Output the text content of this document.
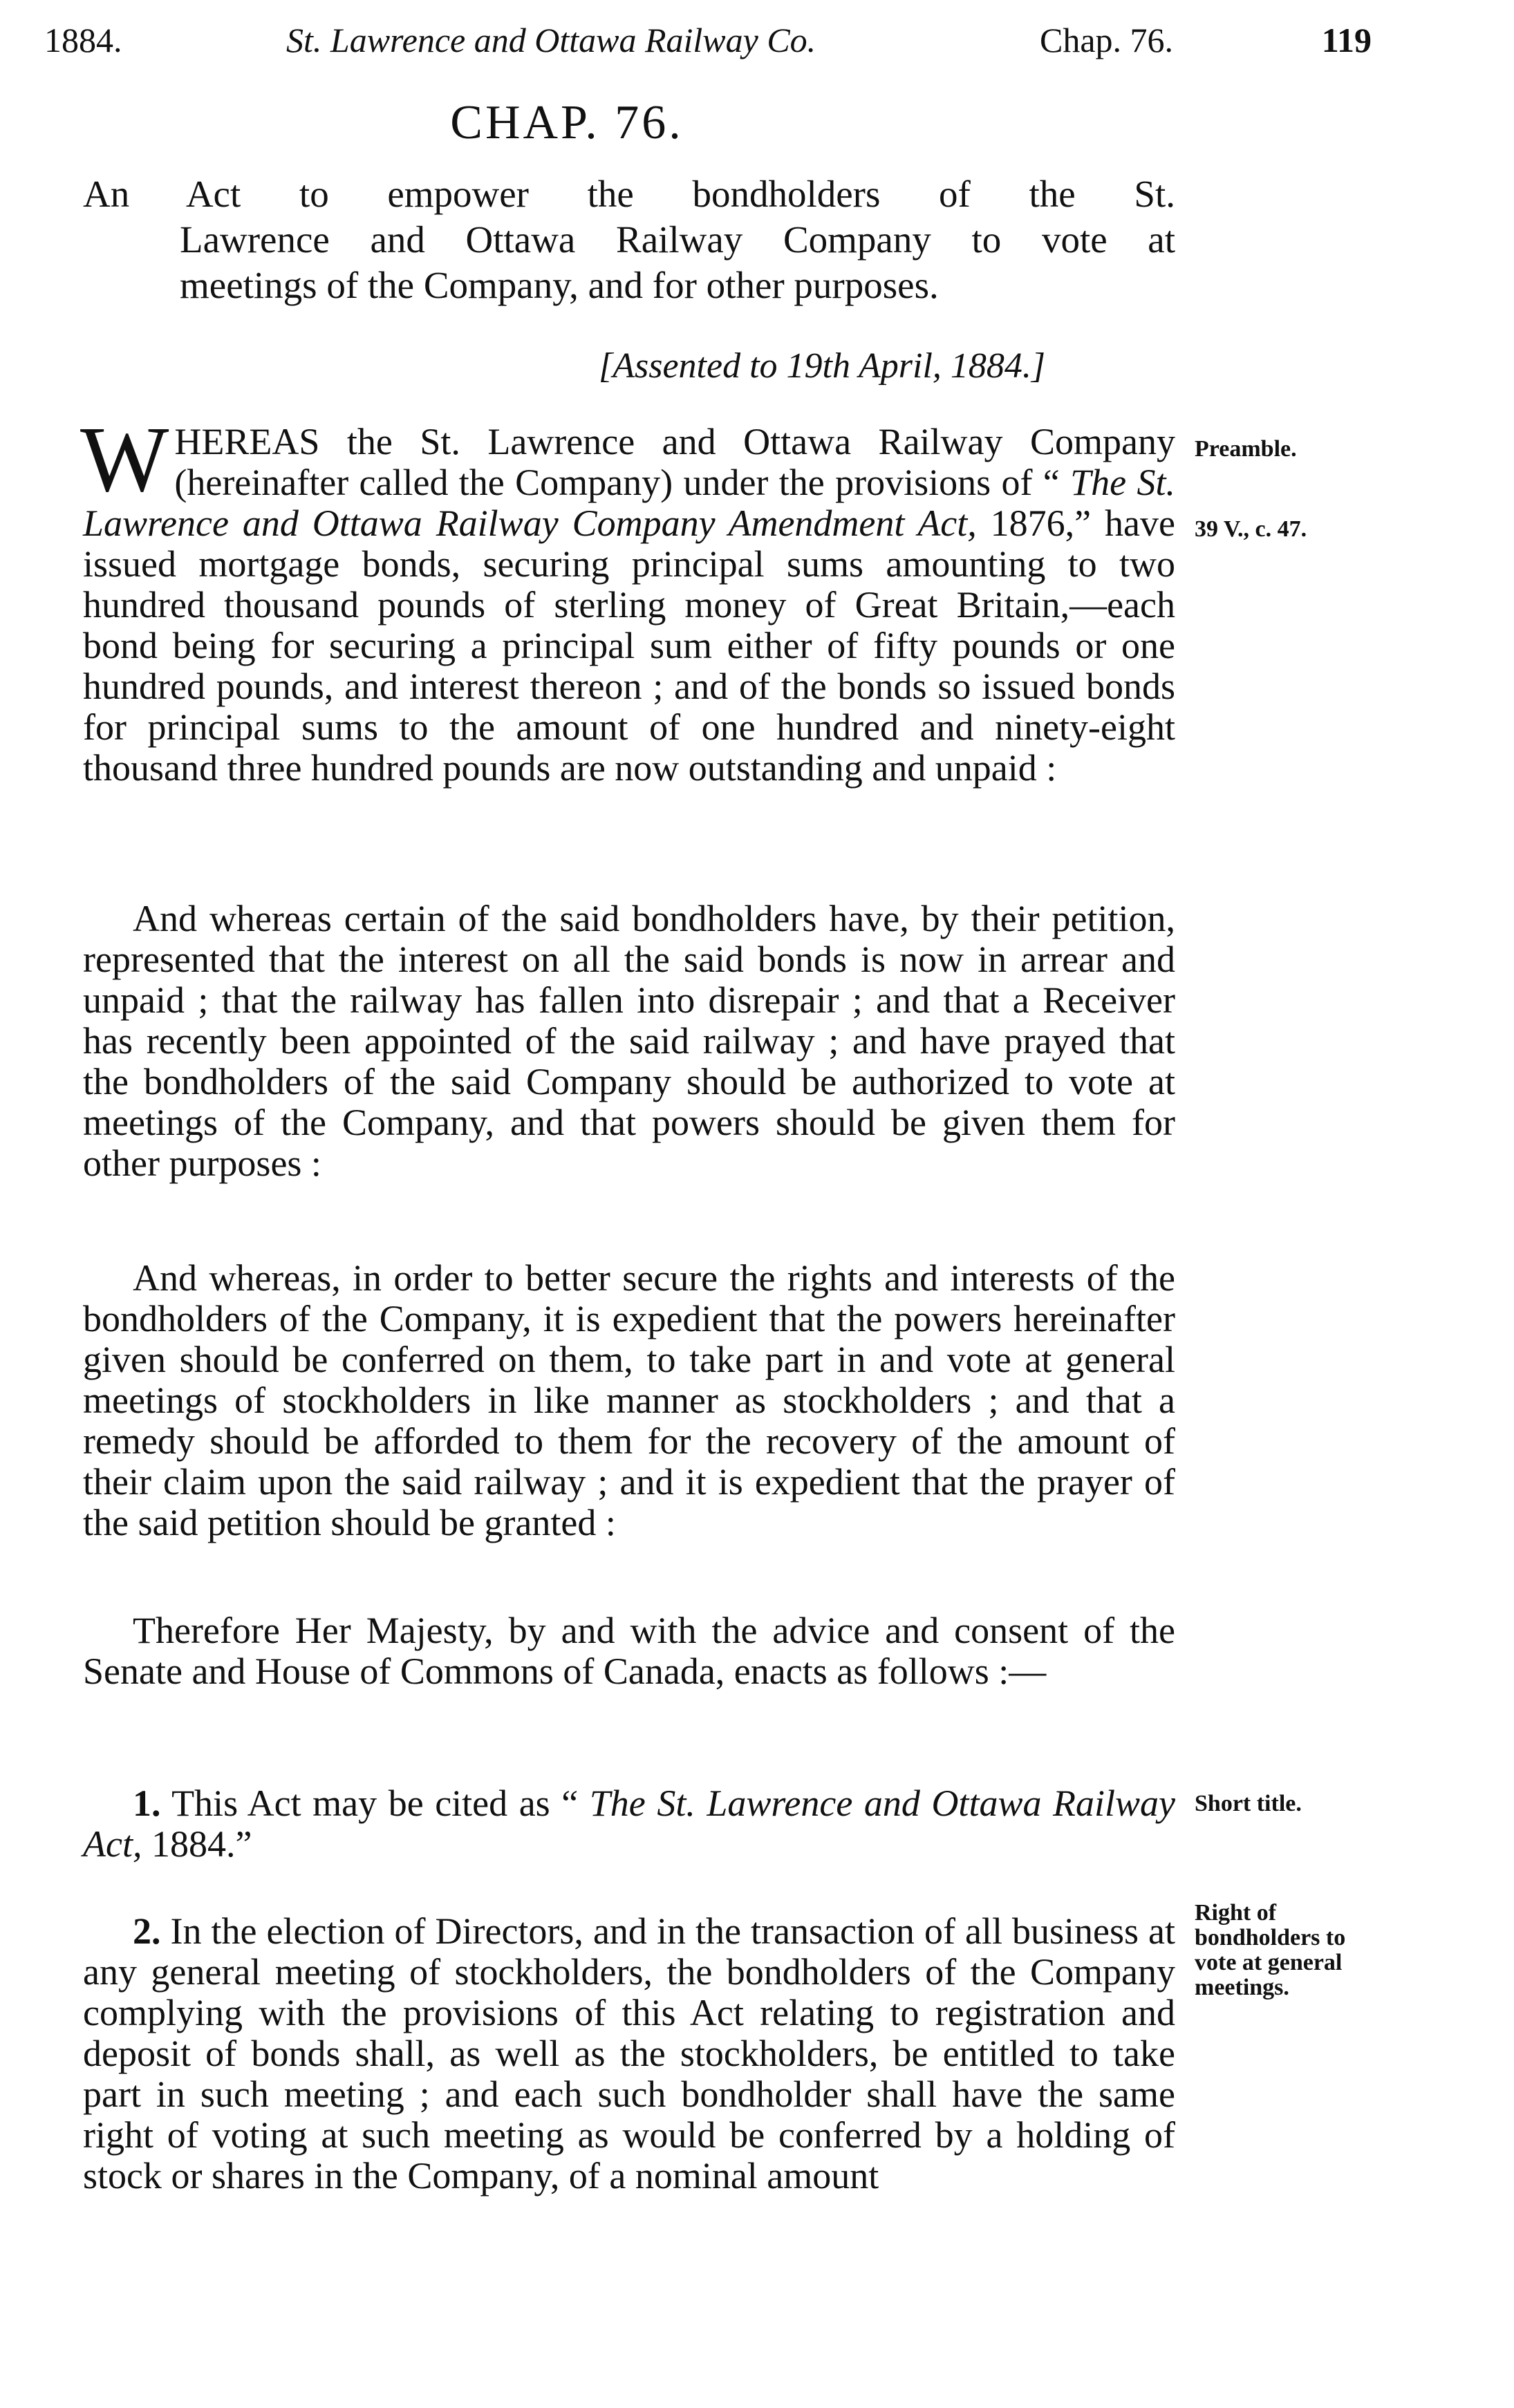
1884.	St. Lawrence and Ottawa Railway Co.	Chap. 76.	119
CHAP. 76.
An Act to empower the bondholders of the St.
Lawrence and Ottawa Railway Company to vote at
meetings of the Company, and for other purposes.
[Assented to 19th April, 1884.]

WHEREAS the St. Lawrence and Ottawa Railway Company (hereinafter called the Company) under the provisions of “ The St. Lawrence and Ottawa Railway Company Amendment Act, 1876,” have issued mortgage bonds, securing principal sums amounting to two hundred thousand pounds of sterling money of Great Britain,—each bond being for securing a principal sum either of fifty pounds or one hundred pounds, and interest thereon ; and of the bonds so issued bonds for principal sums to the amount of one hundred and ninety-eight thousand three hundred pounds are now outstanding and unpaid :

And whereas certain of the said bondholders have, by their petition, represented that the interest on all the said bonds is now in arrear and unpaid ; that the railway has fallen into disrepair ; and that a Receiver has recently been appointed of the said railway ; and have prayed that the bondholders of the said Company should be authorized to vote at meetings of the Company, and that powers should be given them for other purposes :

And whereas, in order to better secure the rights and interests of the bondholders of the Company, it is expedient that the powers hereinafter given should be conferred on them, to take part in and vote at general meetings of stockholders in like manner as stockholders ; and that a remedy should be afforded to them for the recovery of the amount of their claim upon the said railway ; and it is expedient that the prayer of the said petition should be granted :

Therefore Her Majesty, by and with the advice and consent of the Senate and House of Commons of Canada, enacts as follows :—

1. This Act may be cited as “ The St. Lawrence and Ottawa Railway Act, 1884.”

2. In the election of Directors, and in the transaction of all business at any general meeting of stockholders, the bondholders of the Company complying with the provisions of this Act relating to registration and deposit of bonds shall, as well as the stockholders, be entitled to take part in such meeting ; and each such bondholder shall have the same right of voting at such meeting as would be conferred by a holding of stock or shares in the Company, of a nominal amount

Preamble.
39 V., c. 47.
Short title.
Right of bondholders to vote at general meetings.
